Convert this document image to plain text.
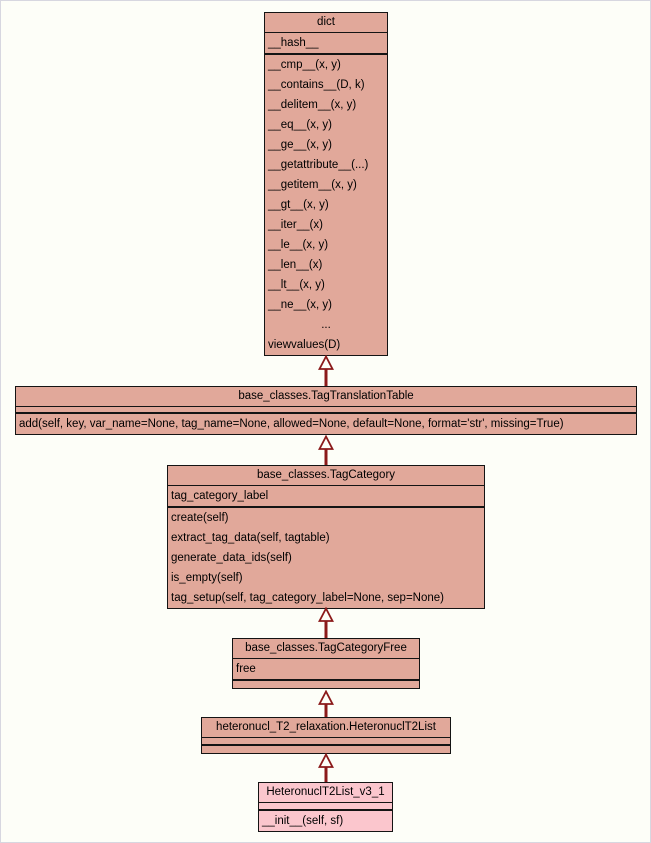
dict
__hash__
__cmp__(x, y)
__contains__(D, k)
__delitem__(x, y)
__eq__(x, y)
__ge__(x, y)
__getattribute__(...)
__getitem__(x, y)
__gt__(x, y)
__iter__(x)
__le__(x, y)
__len__(x)
__lt__(x, y)
__ne__(x, y)
...
viewvalues(D)
base_classes.TagTranslationTable
add(self, key, var_name=None, tag_name=None, allowed=None, default=None, format='str', missing=True)
base_classes.TagCategory
tag_category_label
create(self)
extract_tag_data(self, tagtable)
generate_data_ids(self)
is_empty(self)
tag_setup(self, tag_category_label=None, sep=None)
base_classes.TagCategoryFree
free
heteronucl_T2_relaxation.HeteronuclT2List
HeteronuclT2List_v3_1
__init__(self, sf)
